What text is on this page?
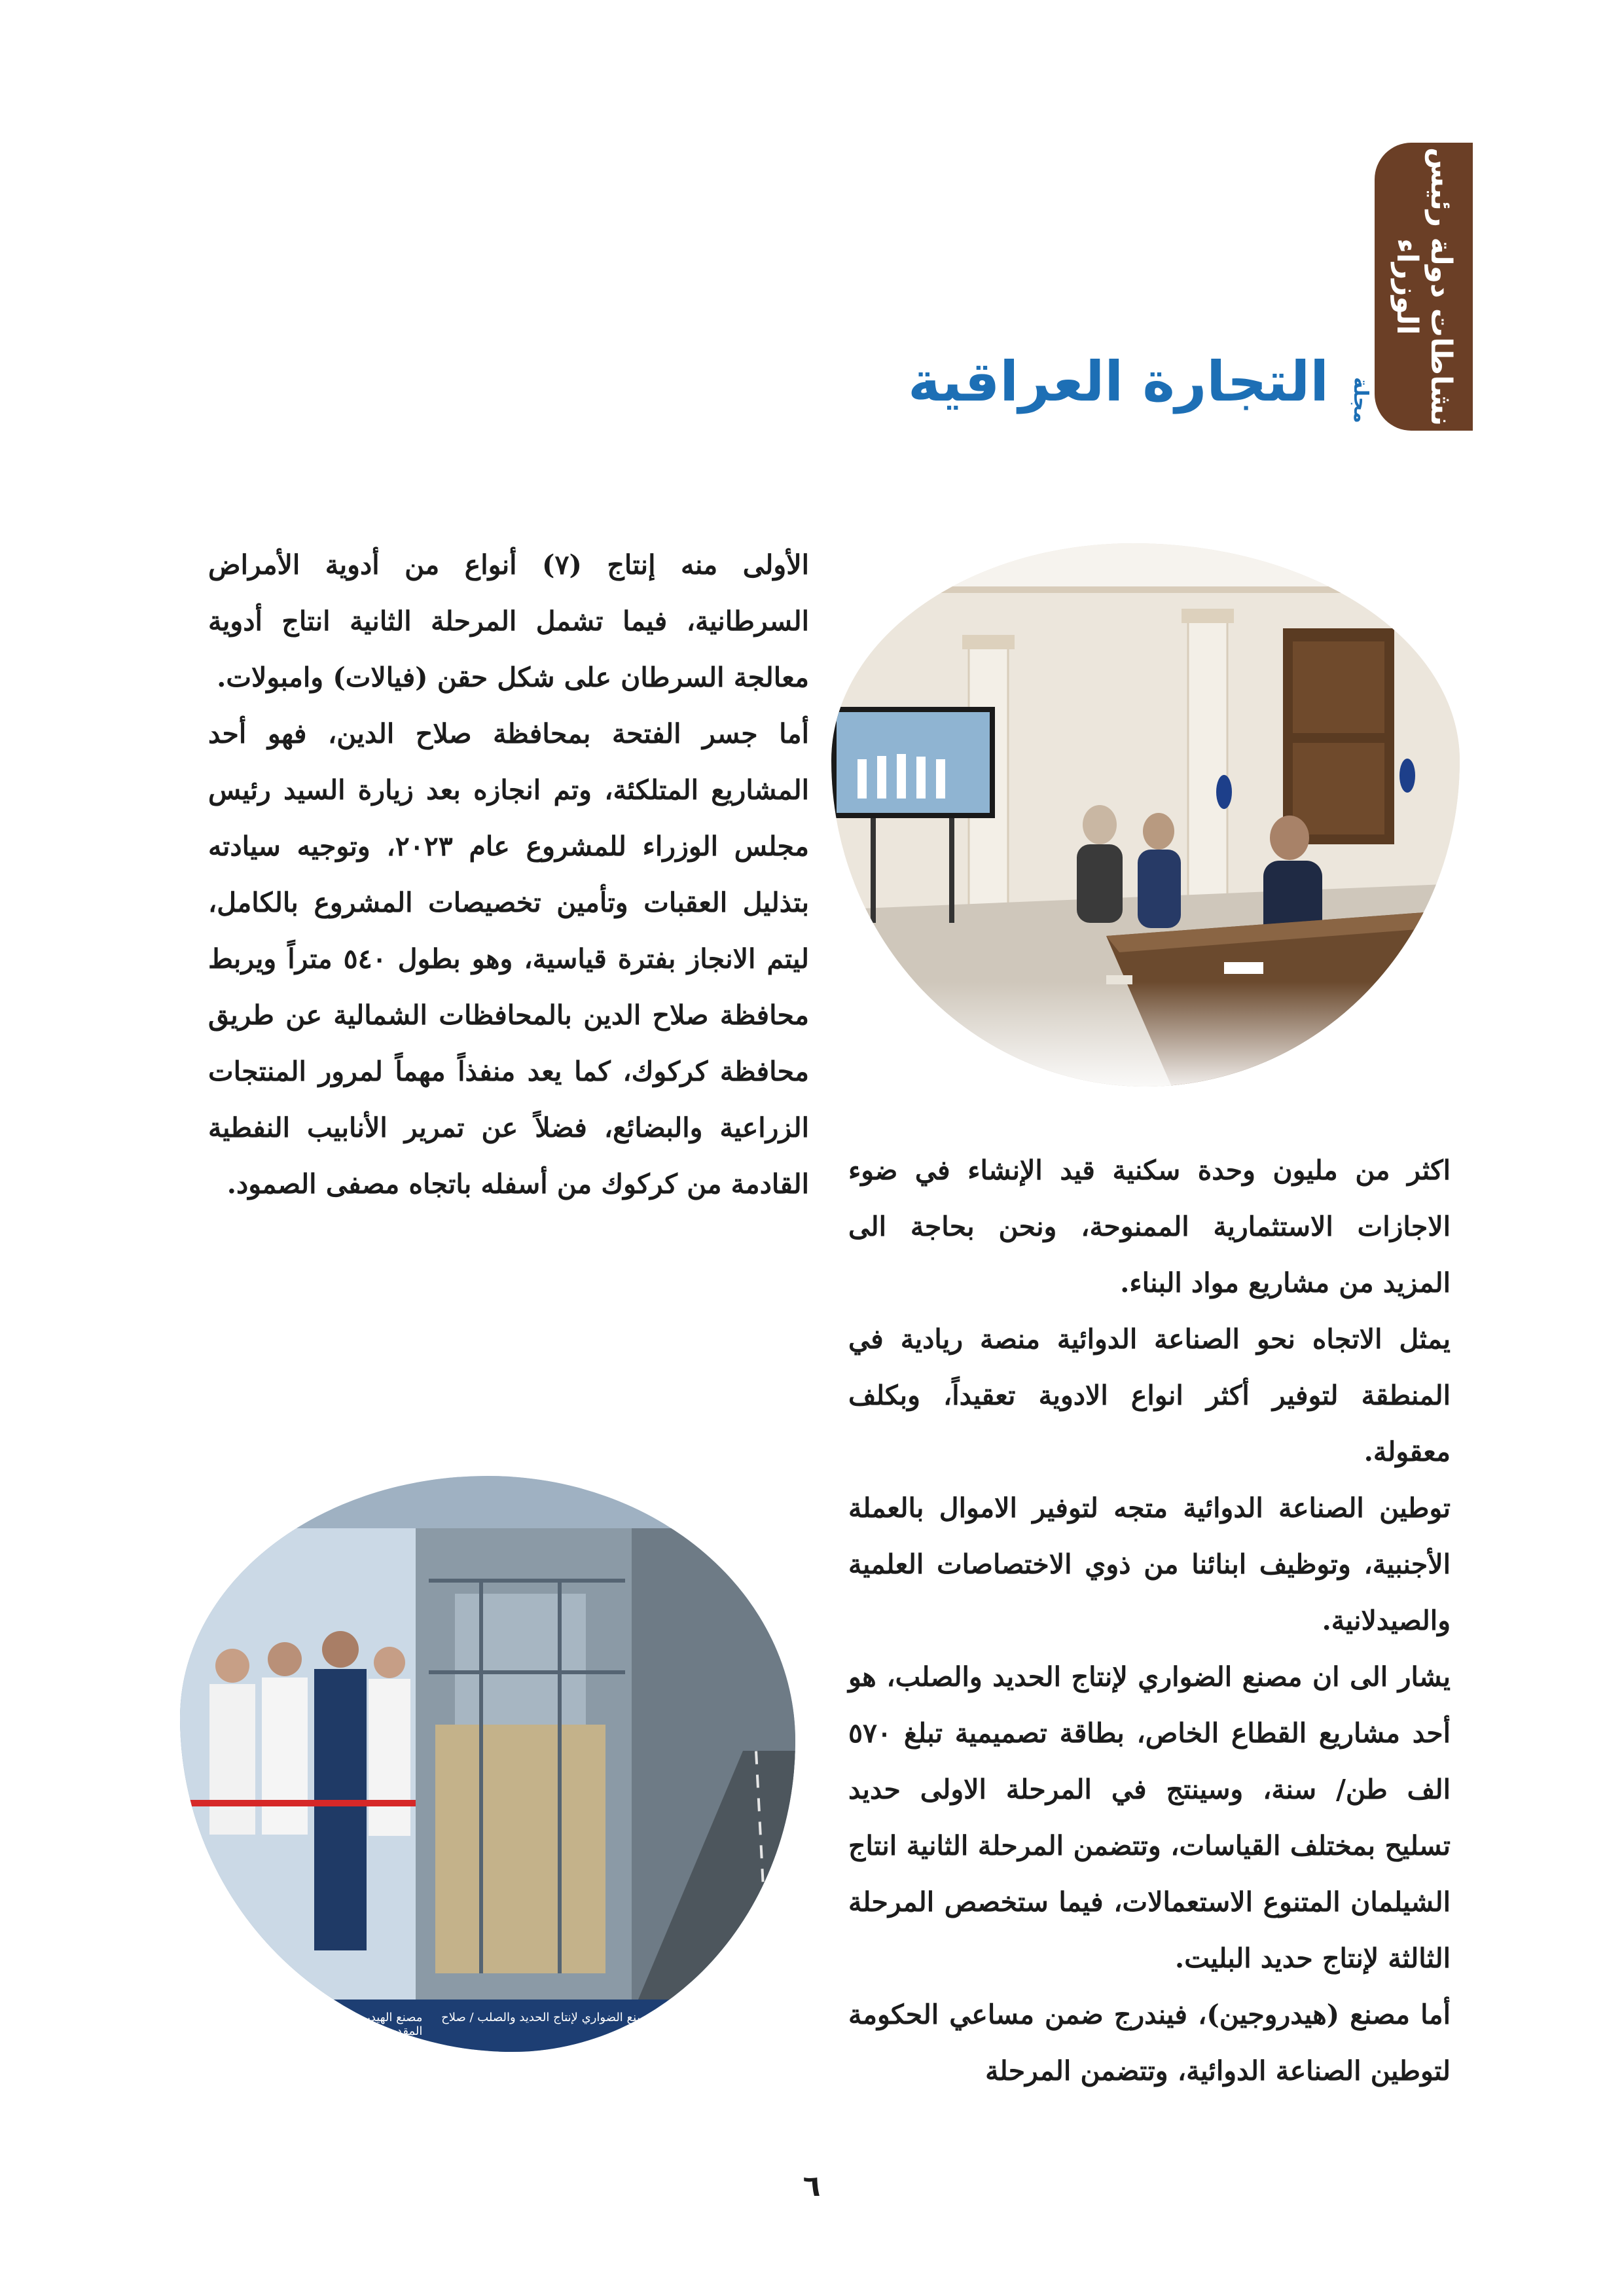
نشاطات دولة رئيس
الوزراء
التجارة العراقية مجلة

الأولى منه إنتاج (٧) أنواع من أدوية الأمراض السرطانية، فيما تشمل المرحلة الثانية انتاج أدوية معالجة السرطان على شكل حقن (فيالات) وامبولات.

أما جسر الفتحة بمحافظة صلاح الدين، فهو أحد المشاريع المتلكئة، وتم انجازه بعد زيارة السيد رئيس مجلس الوزراء للمشروع عام ٢٠٢٣، وتوجيه سيادته بتذليل العقبات وتأمين تخصيصات المشروع بالكامل، ليتم الانجاز بفترة قياسية، وهو بطول ٥٤٠ متراً ويربط محافظة صلاح الدين بالمحافظات الشمالية عن طريق محافظة كركوك، كما يعد منفذاً مهماً لمرور المنتجات الزراعية والبضائع، فضلاً عن تمرير الأنابيب النفطية القادمة من كركوك من أسفله باتجاه مصفى الصمود. اكثر من مليون وحدة سكنية قيد الإنشاء في ضوء الاجازات الاستثمارية الممنوحة، ونحن بحاجة الى المزيد من مشاريع مواد البناء.

يمثل الاتجاه نحو الصناعة الدوائية منصة ريادية في المنطقة لتوفير أكثر انواع الادوية تعقيداً، وبكلف معقولة.

توطين الصناعة الدوائية متجه لتوفير الاموال بالعملة الأجنبية، وتوظيف ابنائنا من ذوي الاختصاصات العلمية والصيدلانية.

يشار الى ان مصنع الضواري لإنتاج الحديد والصلب، هو أحد مشاريع القطاع الخاص، بطاقة تصميمية تبلغ ٥٧٠ الف طن/ سنة، وسينتج في المرحلة الاولى حديد تسليح بمختلف القياسات، وتتضمن المرحلة الثانية انتاج الشيلمان المتنوع الاستعمالات، فيما ستخصص المرحلة الثالثة لإنتاج حديد البليت.

أما مصنع (هيدروجين)، فيندرج ضمن مساعي الحكومة لتوطين الصناعة الدوائية، وتتضمن المرحلة

افتتاح الكونكريتي / صلاح الدين
مصنع الضواري لإنتاج الحديد والصلب / صلاح الدين
مصنع الهيدروجين لأدوية السرطانية / كربلاء المقدسة
٦
